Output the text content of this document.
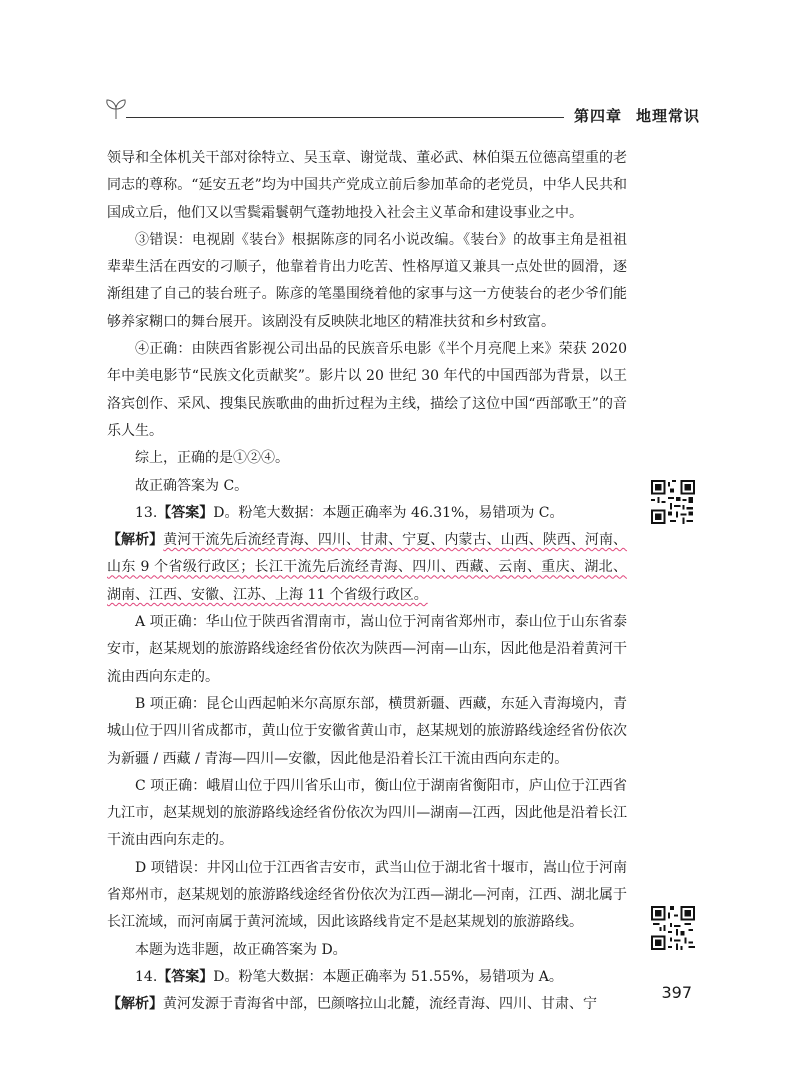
第四章 地理常识

领导和全体机关干部对徐特立、吴玉章、谢觉哉、董必武、林伯渠五位德高望重的老同志的尊称。“延安五老”均为中国共产党成立前后参加革命的老党员，中华人民共和国成立后，他们又以雪鬓霜鬟朝气蓬勃地投入社会主义革命和建设事业之中。

③错误：电视剧《装台》根据陈彦的同名小说改编。《装台》的故事主角是祖祖辈辈生活在西安的刁顺子，他靠着肯出力吃苦、性格厚道又兼具一点处世的圆滑，逐渐组建了自己的装台班子。陈彦的笔墨围绕着他的家事与这一方使装台的老少爷们能够养家糊口的舞台展开。该剧没有反映陕北地区的精准扶贫和乡村致富。

④正确：由陕西省影视公司出品的民族音乐电影《半个月亮爬上来》荣获 2020 年中美电影节“民族文化贡献奖”。影片以 20 世纪 30 年代的中国西部为背景，以王洛宾创作、采风、搜集民族歌曲的曲折过程为主线，描绘了这位中国“西部歌王”的音乐人生。

综上，正确的是①②④。

故正确答案为 C。

13.【答案】D。粉笔大数据：本题正确率为 46.31%，易错项为 C。

【解析】黄河干流先后流经青海、四川、甘肃、宁夏、内蒙古、山西、陕西、河南、山东 9 个省级行政区；长江干流先后流经青海、四川、西藏、云南、重庆、湖北、湖南、江西、安徽、江苏、上海 11 个省级行政区。

A 项正确：华山位于陕西省渭南市，嵩山位于河南省郑州市，泰山位于山东省泰安市，赵某规划的旅游路线途经省份依次为陕西—河南—山东，因此他是沿着黄河干流由西向东走的。

B 项正确：昆仑山西起帕米尔高原东部，横贯新疆、西藏，东延入青海境内，青城山位于四川省成都市，黄山位于安徽省黄山市，赵某规划的旅游路线途经省份依次为新疆 / 西藏 / 青海—四川—安徽，因此他是沿着长江干流由西向东走的。

C 项正确：峨眉山位于四川省乐山市，衡山位于湖南省衡阳市，庐山位于江西省九江市，赵某规划的旅游路线途经省份依次为四川—湖南—江西，因此他是沿着长江干流由西向东走的。

D 项错误：井冈山位于江西省吉安市，武当山位于湖北省十堰市，嵩山位于河南省郑州市，赵某规划的旅游路线途经省份依次为江西—湖北—河南，江西、湖北属于长江流域，而河南属于黄河流域，因此该路线肯定不是赵某规划的旅游路线。

本题为选非题，故正确答案为 D。

14.【答案】D。粉笔大数据：本题正确率为 51.55%，易错项为 A。

【解析】黄河发源于青海省中部，巴颜喀拉山北麓，流经青海、四川、甘肃、宁

397
